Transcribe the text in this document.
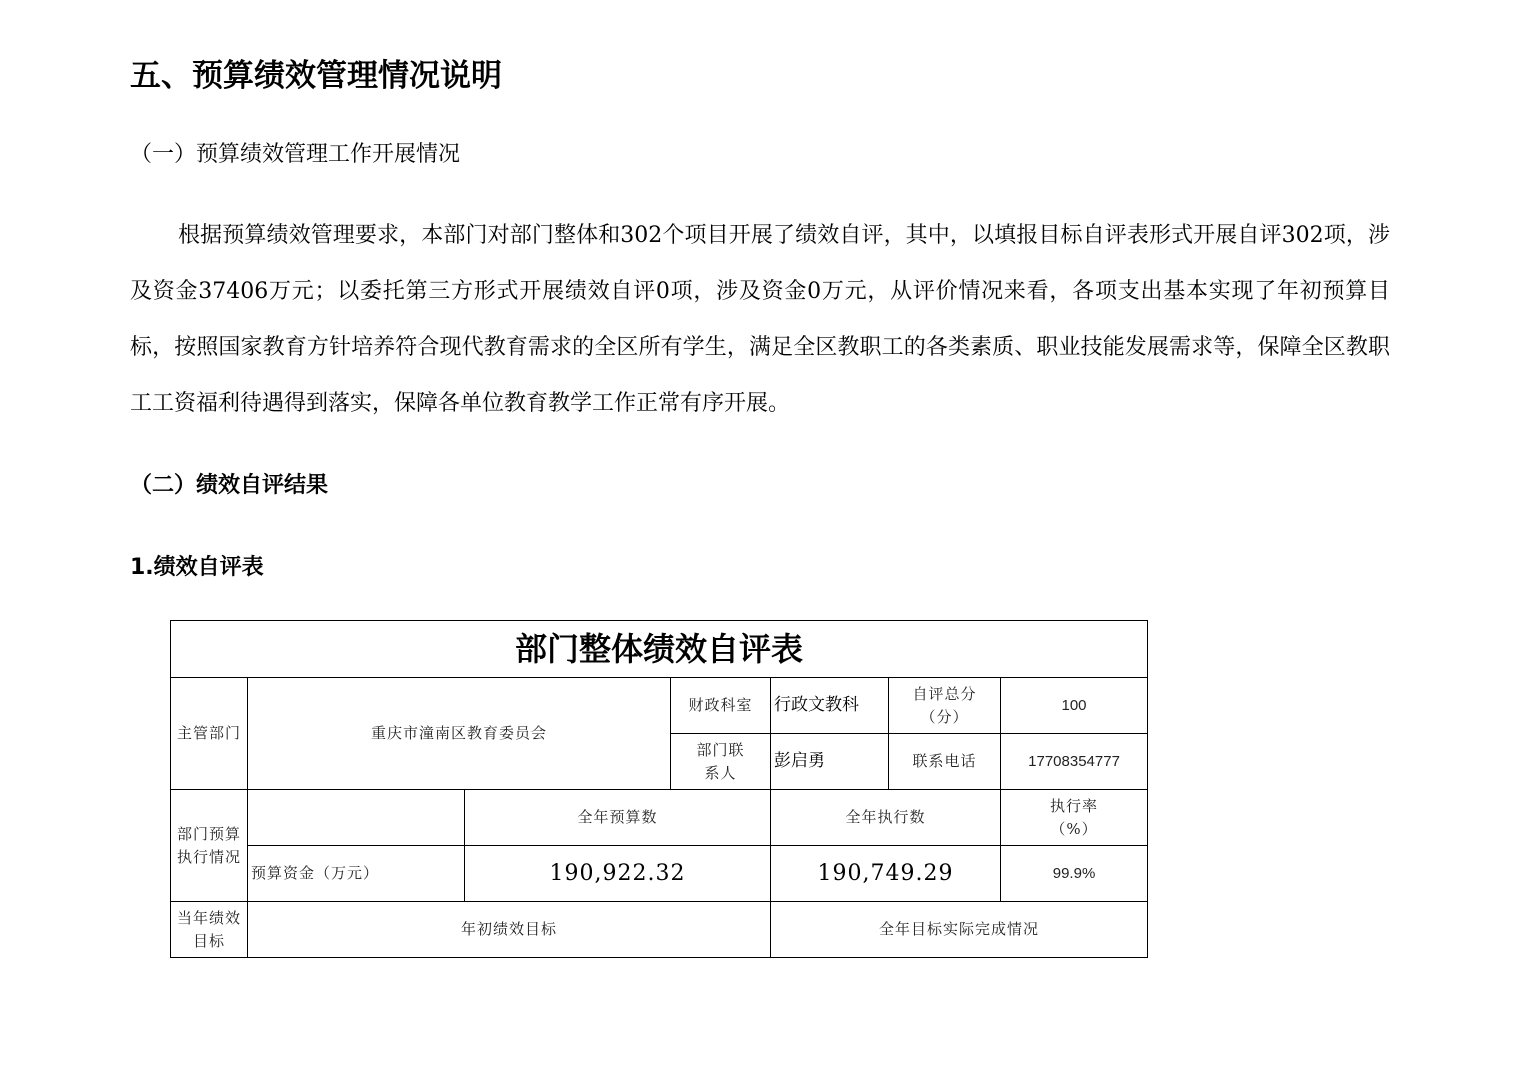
五、预算绩效管理情况说明
（一）预算绩效管理工作开展情况
根据预算绩效管理要求，本部门对部门整体和302个项目开展了绩效自评，其中，以填报目标自评表形式开展自评302项，涉及资金37406万元；以委托第三方形式开展绩效自评0项，涉及资金0万元，从评价情况来看，各项支出基本实现了年初预算目标，按照国家教育方针培养符合现代教育需求的全区所有学生，满足全区教职工的各类素质、职业技能发展需求等，保障全区教职工工资福利待遇得到落实，保障各单位教育教学工作正常有序开展。
（二）绩效自评结果
1.绩效自评表
部门整体绩效自评表						
主管部门	重庆市潼南区教育委员会		财政科室	行政文教科	自评总分（分）	100
			部门联系人	彭启勇	联系电话	17708354777
部门预算执行情况		全年预算数		全年执行数		执行率（%）
	预算资金（万元）	190,922.32		190,749.29		99.9%
当年绩效目标	年初绩效目标			全年目标实际完成情况		
